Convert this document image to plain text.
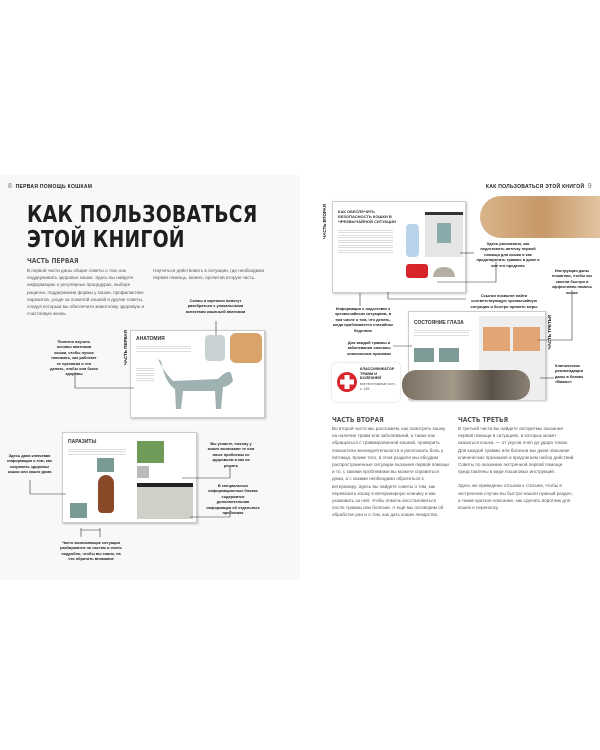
8 ПЕРВАЯ ПОМОЩЬ КОШКАМ
КАК ПОЛЬЗОВАТЬСЯ
ЭТОЙ КНИГОЙ
ЧАСТЬ ПЕРВАЯ
В первой части даны общие советы о том, как поддерживать здоровье кошки. Здесь вы найдете информацию о регулярных процедурах, выборе рациона, поддержании формы у кошки, профилактике паразитов, уходе за пожилой кошкой и другие советы, следуя которым вы обеспечите животному здоровую и счастливую жизнь.
Научиться действовать в ситуации, где необходима первая помощь, можно, прочитав вторую часть.
Схемы и картинки помогут разобраться с уникальными аспектами кошачьей анатомии
ЧАСТЬ ПЕРВАЯ АНАТОМИЯ
Полезно изучить основы анатомии кошки, чтобы лучше понимать, как работает ее организм и что делать, чтобы они были здоровы
ПАРАЗИТЫ
Здесь дана ключевая информация о том, как сохранить здоровье кошки или кошек дома
Вы узнаете, почему у кошек возникают те или иные проблемы со здоровьем и как их решать
В специальных информационных блоках содержится дополнительная информация об отдельных проблемах
Часто возникающие ситуации разбираются по частям и очень подробно, чтобы вы знали, на что обратить внимание
КАК ПОЛЬЗОВАТЬСЯ ЭТОЙ КНИГОЙ 9
ЧАСТЬ ВТОРАЯ	КАК ОБЕСПЕЧИТЬ БЕЗОПАСНОСТЬ КОШКИ В ЧРЕЗВЫЧАЙНОЙ СИТУАЦИИ
Здесь рассказано, как подготовить аптечку первой помощи для кошки и как предотвратить травмы в доме и вне его пределах
Инструкции даны пошагово, чтобы вы смогли быстро и эффективно помочь кошке
Ссылки позволят найти соответствующую чрезвычайную ситуацию и быстро принять меры
Информация о подготовке к чрезвычайным ситуациям, в том числе о том, что делать, когда приближается стихийное бедствие
СОСТОЯНИЕ ГЛАЗА	ЧАСТЬ ТРЕТЬЯ
Для каждой травмы и заболевания описаны клинические признаки
Клинические рекомендации даны в блоках «Важно»
КЛАССИФИКАТОР ТРАВМ И БОЛЕЗНЕЙ
все неотложные сост., с. 184
ЧАСТЬ ВТОРАЯ
Во второй части мы расскажем, как осмотреть кошку на наличие травм или заболеваний, а также как обращаться с травмированной кошкой, проверить показатели жизнедеятельности и распознать боль у питомца. Кроме того, в этом разделе мы обсудим распространенные ситуации оказания первой помощи и то, с какими проблемами вы можете справиться дома, а с какими необходимо обратиться к ветеринару. Здесь вы найдете советы о том, как перевозить кошку в ветеринарную клинику и как ухаживать за ней, чтобы помочь восстановиться после травмы или болезни. А ещё мы поговорим об обработке ран и о том, как дать кошке лекарство.
ЧАСТЬ ТРЕТЬЯ
В третьей части вы найдете алгоритмы оказания первой помощи в ситуациях, в которых может оказаться кошка, — от укусов пчел до удара током. Для каждой травмы или болезни мы даем описание клинических признаков и предлагаем набор действий. Советы по оказанию экстренной первой помощи представлены в виде пошаговых инструкций.
Здесь же приведены отсылки к статьям, чтобы в экстренном случае вы быстро нашли нужный раздел, а также краткое описание, как сделать воротник для кошек и переноску.
